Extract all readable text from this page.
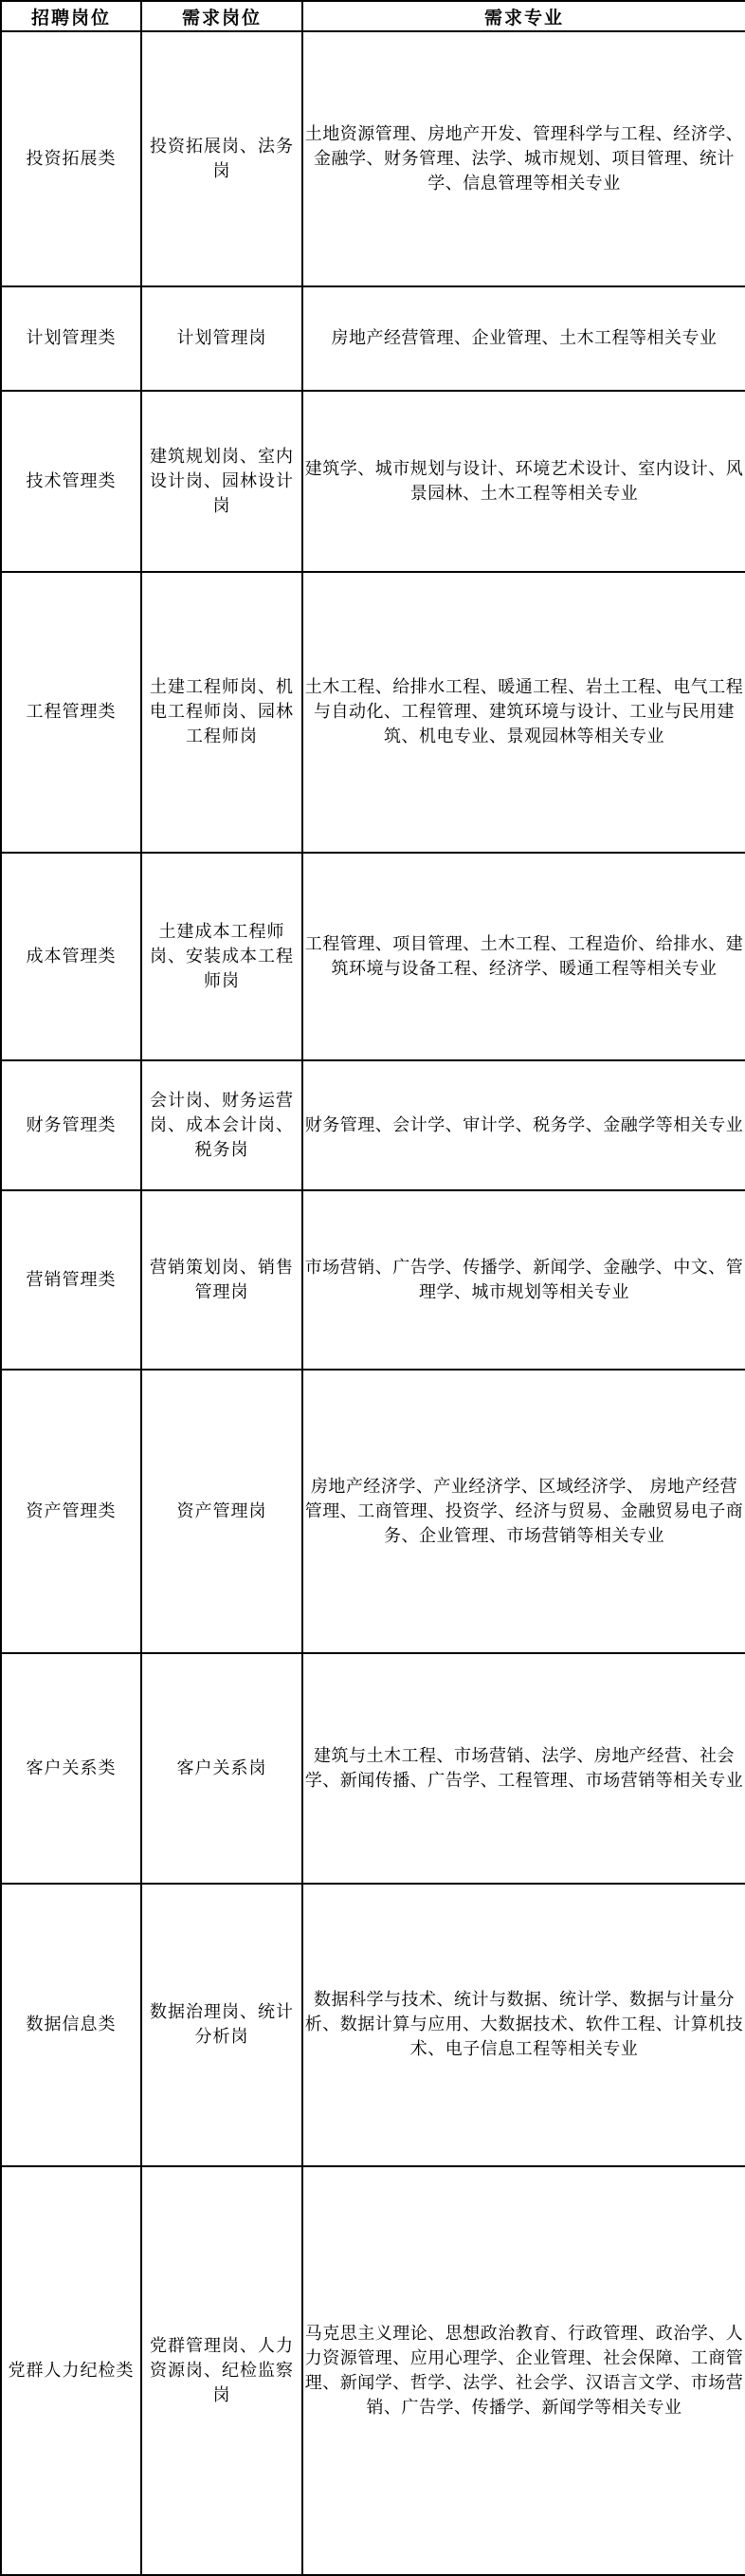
招聘岗位	需求岗位	需求专业
投资拓展类	投资拓展岗、法务岗	土地资源管理、房地产开发、管理科学与工程、经济学、金融学、财务管理、法学、城市规划、项目管理、统计学、信息管理等相关专业
计划管理类	计划管理岗	房地产经营管理、企业管理、土木工程等相关专业
技术管理类	建筑规划岗、室内设计岗、园林设计岗	建筑学、城市规划与设计、环境艺术设计、室内设计、风景园林、土木工程等相关专业
工程管理类	土建工程师岗、机电工程师岗、园林工程师岗	土木工程、给排水工程、暖通工程、岩土工程、电气工程与自动化、工程管理、建筑环境与设计、工业与民用建筑、机电专业、景观园林等相关专业
成本管理类	土建成本工程师岗、安装成本工程师岗	工程管理、项目管理、土木工程、工程造价、给排水、建筑环境与设备工程、经济学、暖通工程等相关专业
财务管理类	会计岗、财务运营岗、成本会计岗、税务岗	财务管理、会计学、审计学、税务学、金融学等相关专业
营销管理类	营销策划岗、销售管理岗	市场营销、广告学、传播学、新闻学、金融学、中文、管理学、城市规划等相关专业
资产管理类	资产管理岗	房地产经济学、产业经济学、区域经济学、 房地产经营管理、工商管理、投资学、经济与贸易、金融贸易电子商务、企业管理、市场营销等相关专业
客户关系类	客户关系岗	建筑与土木工程、市场营销、法学、房地产经营、社会学、新闻传播、广告学、工程管理、市场营销等相关专业
数据信息类	数据治理岗、统计分析岗	数据科学与技术、统计与数据、统计学、数据与计量分析、数据计算与应用、大数据技术、软件工程、计算机技术、电子信息工程等相关专业
党群人力纪检类	党群管理岗、人力资源岗、纪检监察岗	马克思主义理论、思想政治教育、行政管理、政治学、人力资源管理、应用心理学、企业管理、社会保障、工商管理、新闻学、哲学、法学、社会学、汉语言文学、市场营销、广告学、传播学、新闻学等相关专业
